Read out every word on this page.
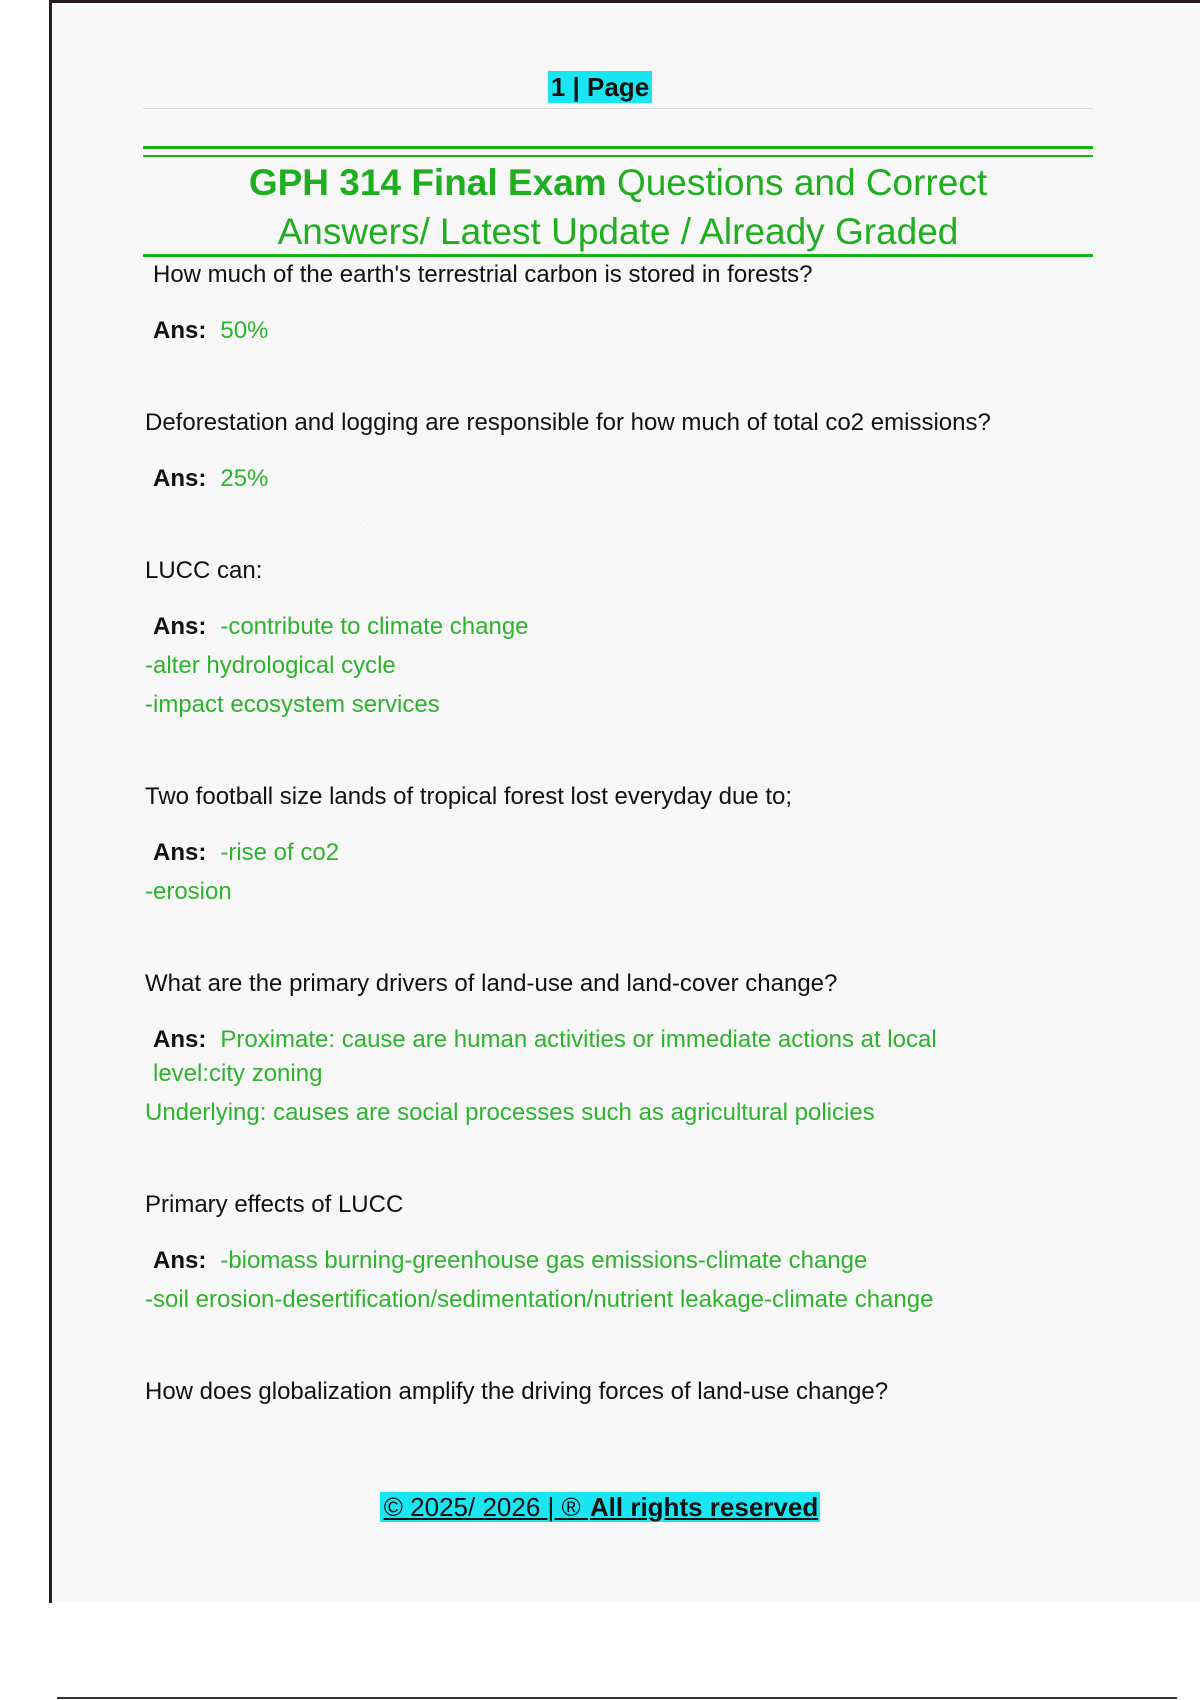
1 | Page
GPH 314 Final Exam Questions and Correct
Answers/ Latest Update / Already Graded

How much of the earth's terrestrial carbon is stored in forests?

Ans: 50%

Deforestation and logging are responsible for how much of total co2 emissions?

Ans: 25%

LUCC can:

Ans: -contribute to climate change

-alter hydrological cycle

-impact ecosystem services

Two football size lands of tropical forest lost everyday due to;

Ans: -rise of co2

-erosion

What are the primary drivers of land-use and land-cover change?

Ans: Proximate: cause are human activities or immediate actions at local level:city zoning

Underlying: causes are social processes such as agricultural policies

Primary effects of LUCC

Ans: -biomass burning-greenhouse gas emissions-climate change

-soil erosion-desertification/sedimentation/nutrient leakage-climate change

How does globalization amplify the driving forces of land-use change?

© 2025/ 2026 | ® All rights reserved
